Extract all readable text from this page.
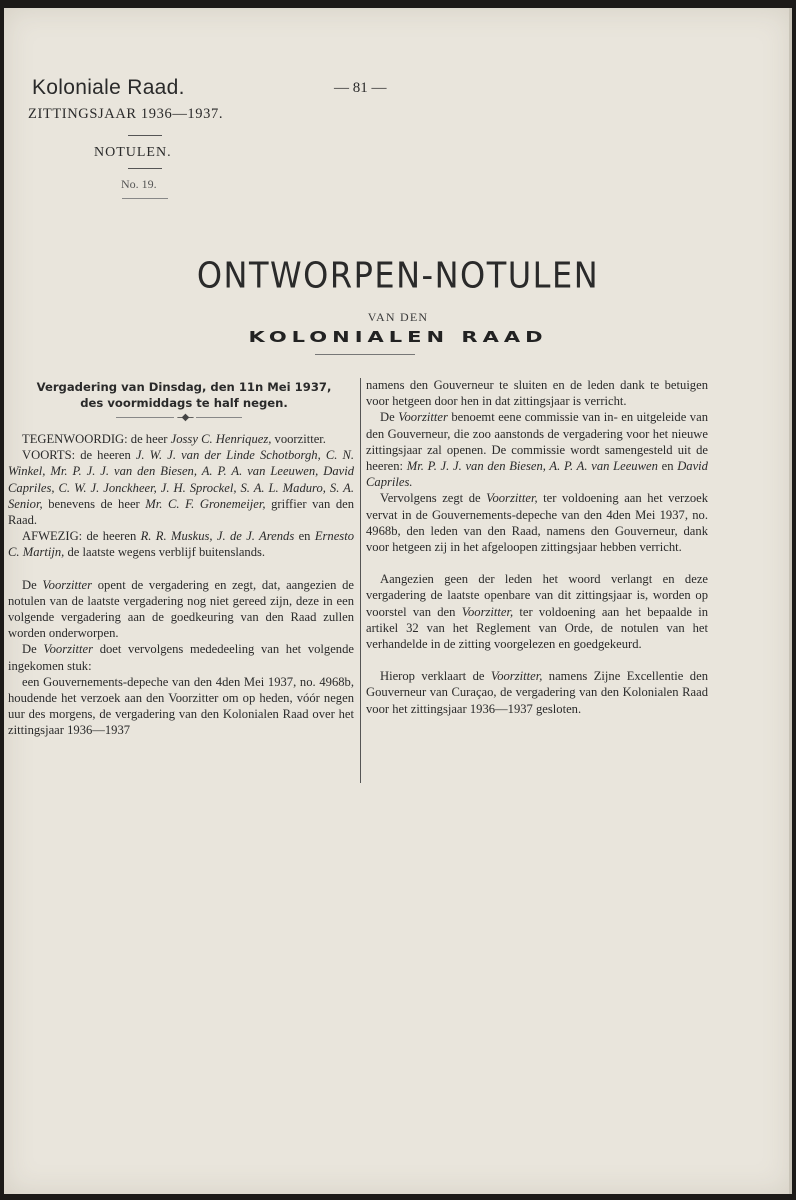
Koloniale Raad.
ZITTINGSJAAR 1936—1937.
— 81 —
NOTULEN.
No. 19.
ONTWORPEN-NOTULEN
VAN DEN
KOLONIALEN RAAD
Vergadering van Dinsdag, den 11n Mei 1937,
des voormiddags te half negen.
-‑◆‑-

TEGENWOORDIG: de heer Jossy C. Henriquez, voorzitter.

VOORTS: de heeren J. W. J. van der Linde Schotborgh, C. N. Winkel, Mr. P. J. J. van den Biesen, A. P. A. van Leeuwen, David Capriles, C. W. J. Jonckheer, J. H. Sprockel, S. A. L. Maduro, S. A. Senior, benevens de heer Mr. C. F. Gronemeijer, griffier van den Raad.

AFWEZIG: de heeren R. R. Muskus, J. de J. Arends en Ernesto C. Martijn, de laatste wegens verblijf buitenslands.

De Voorzitter opent de vergadering en zegt, dat, aangezien de notulen van de laatste vergadering nog niet gereed zijn, deze in een volgende vergadering aan de goedkeuring van den Raad zullen worden onderworpen.

De Voorzitter doet vervolgens mededeeling van het volgende ingekomen stuk:

een Gouvernements-depeche van den 4den Mei 1937, no. 4968b, houdende het verzoek aan den Voorzitter om op heden, vóór negen uur des morgens, de vergadering van den Kolonialen Raad over het zittingsjaar 1936—1937

namens den Gouverneur te sluiten en de leden dank te betuigen voor hetgeen door hen in dat zittingsjaar is verricht.

De Voorzitter benoemt eene commissie van in- en uitgeleide van den Gouverneur, die zoo aanstonds de vergadering voor het nieuwe zittingsjaar zal openen. De commissie wordt samengesteld uit de heeren: Mr. P. J. J. van den Biesen, A. P. A. van Leeuwen en David Capriles.

Vervolgens zegt de Voorzitter, ter voldoening aan het verzoek vervat in de Gouvernements-depeche van den 4den Mei 1937, no. 4968b, den leden van den Raad, namens den Gouverneur, dank voor hetgeen zij in het afgeloopen zittingsjaar hebben verricht.

Aangezien geen der leden het woord verlangt en deze vergadering de laatste openbare van dit zittingsjaar is, worden op voorstel van den Voorzitter, ter voldoening aan het bepaalde in artikel 32 van het Reglement van Orde, de notulen van het verhandelde in de zitting voorgelezen en goedgekeurd.

Hierop verklaart de Voorzitter, namens Zijne Excellentie den Gouverneur van Curaçao, de vergadering van den Kolonialen Raad voor het zittingsjaar 1936—1937 gesloten.
